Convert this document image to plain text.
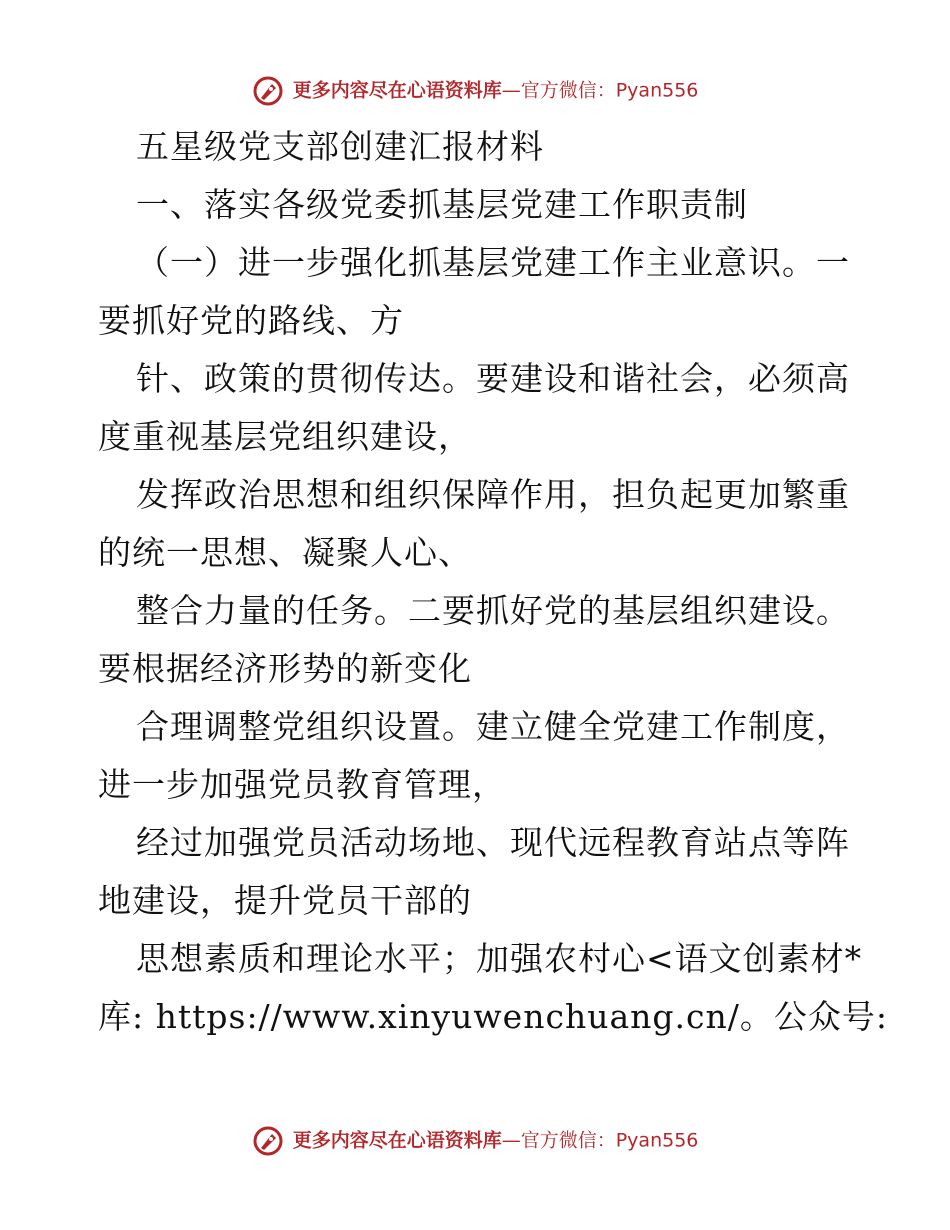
更多内容尽在心语资料库—官方微信：Pyan556
五星级党支部创建汇报材料
一、落实各级党委抓基层党建工作职责制
（一）进一步强化抓基层党建工作主业意识。一
要抓好党的路线、方
针、政策的贯彻传达。要建设和谐社会，必须高
度重视基层党组织建设，
发挥政治思想和组织保障作用，担负起更加繁重
的统一思想、凝聚人心、
整合力量的任务。二要抓好党的基层组织建设。
要根据经济形势的新变化
合理调整党组织设置。建立健全党建工作制度，
进一步加强党员教育管理，
经过加强党员活动场地、现代远程教育站点等阵
地建设，提升党员干部的
思想素质和理论水平；加强农村心<语文创素材*
库: https://www.xinyuwenchuang.cn/。公众号:
更多内容尽在心语资料库—官方微信：Pyan556
